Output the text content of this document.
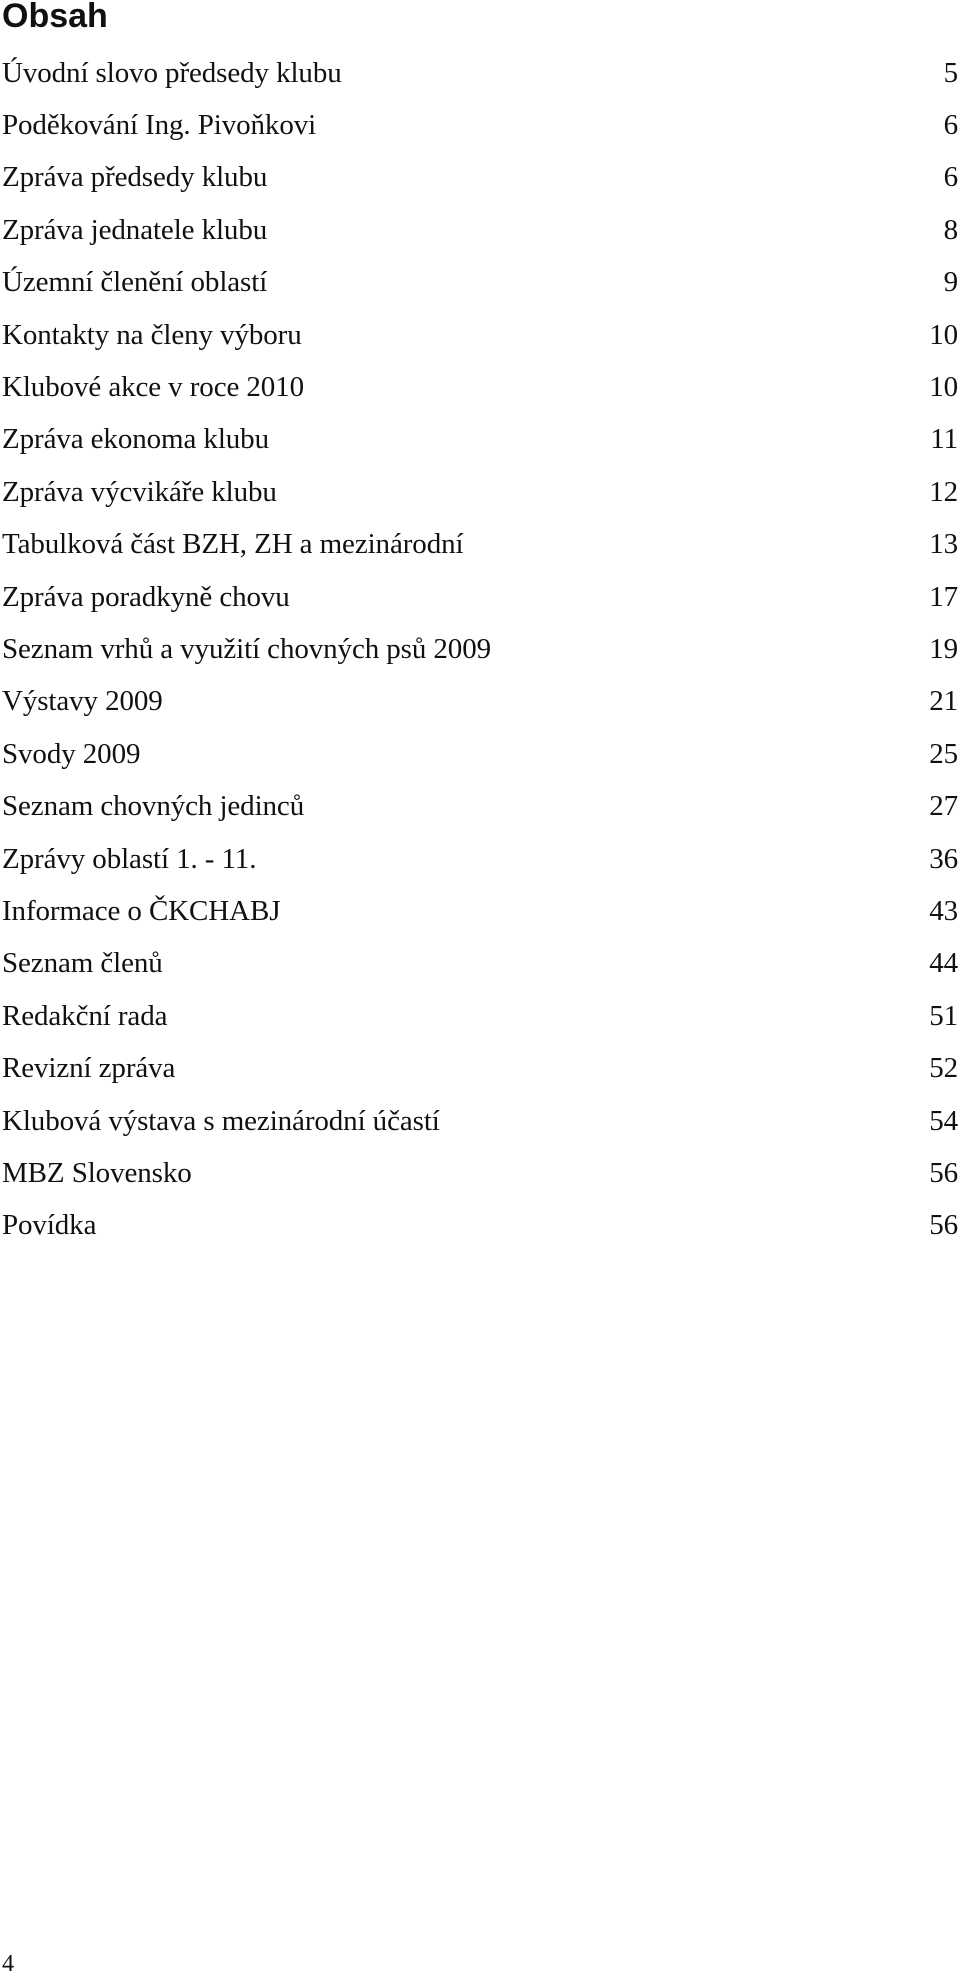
Obsah
Úvodní slovo předsedy klubu	5
Poděkování Ing. Pivoňkovi	6
Zpráva předsedy klubu	6
Zpráva jednatele klubu	8
Územní členění oblastí	9
Kontakty na členy výboru	10
Klubové akce v roce 2010	10
Zpráva ekonoma klubu	11
Zpráva výcvikáře klubu	12
Tabulková část BZH, ZH a mezinárodní	13
Zpráva poradkyně chovu	17
Seznam vrhů a využití chovných psů 2009	19
Výstavy 2009	21
Svody 2009	25
Seznam chovných jedinců	27
Zprávy oblastí 1. - 11.	36
Informace o ČKCHABJ	43
Seznam členů	44
Redakční rada	51
Revizní zpráva	52
Klubová výstava s mezinárodní účastí	54
MBZ Slovensko	56
Povídka	56
4
